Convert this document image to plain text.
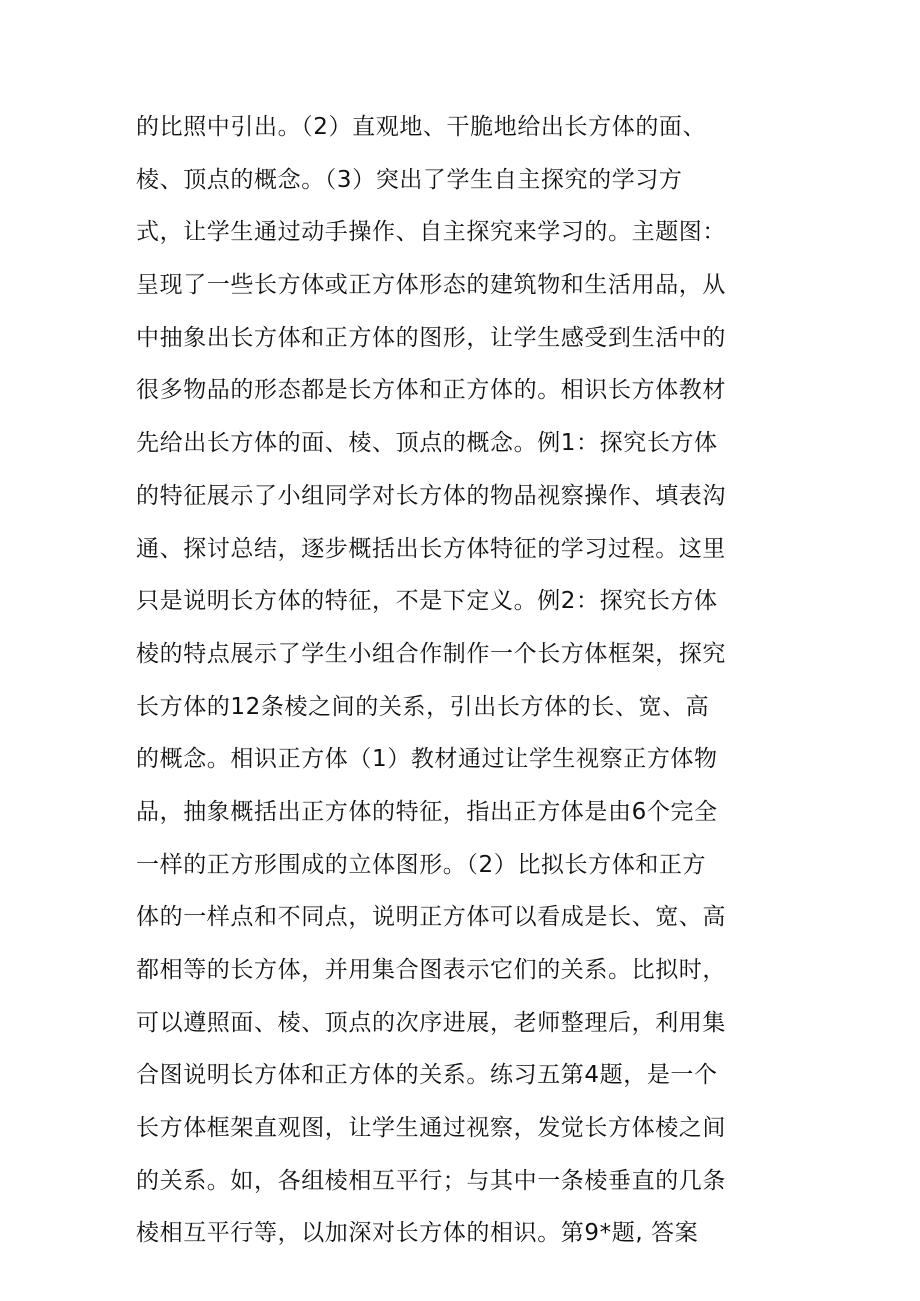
的比照中引出。（2）直观地、干脆地给出长方体的面、
棱、顶点的概念。（3）突出了学生自主探究的学习方
式，让学生通过动手操作、自主探究来学习的。主题图：
呈现了一些长方体或正方体形态的建筑物和生活用品，从
中抽象出长方体和正方体的图形，让学生感受到生活中的
很多物品的形态都是长方体和正方体的。相识长方体教材
先给出长方体的面、棱、顶点的概念。例1：探究长方体
的特征展示了小组同学对长方体的物品视察操作、填表沟
通、探讨总结，逐步概括出长方体特征的学习过程。这里
只是说明长方体的特征，不是下定义。例2：探究长方体
棱的特点展示了学生小组合作制作一个长方体框架，探究
长方体的12条棱之间的关系，引出长方体的长、宽、高
的概念。相识正方体（1）教材通过让学生视察正方体物
品，抽象概括出正方体的特征，指出正方体是由6个完全
一样的正方形围成的立体图形。（2）比拟长方体和正方
体的一样点和不同点，说明正方体可以看成是长、宽、高
都相等的长方体，并用集合图表示它们的关系。比拟时，
可以遵照面、棱、顶点的次序进展，老师整理后，利用集
合图说明长方体和正方体的关系。练习五第4题，是一个
长方体框架直观图，让学生通过视察，发觉长方体棱之间
的关系。如，各组棱相互平行；与其中一条棱垂直的几条
棱相互平行等，以加深对长方体的相识。第9*题, 答案
